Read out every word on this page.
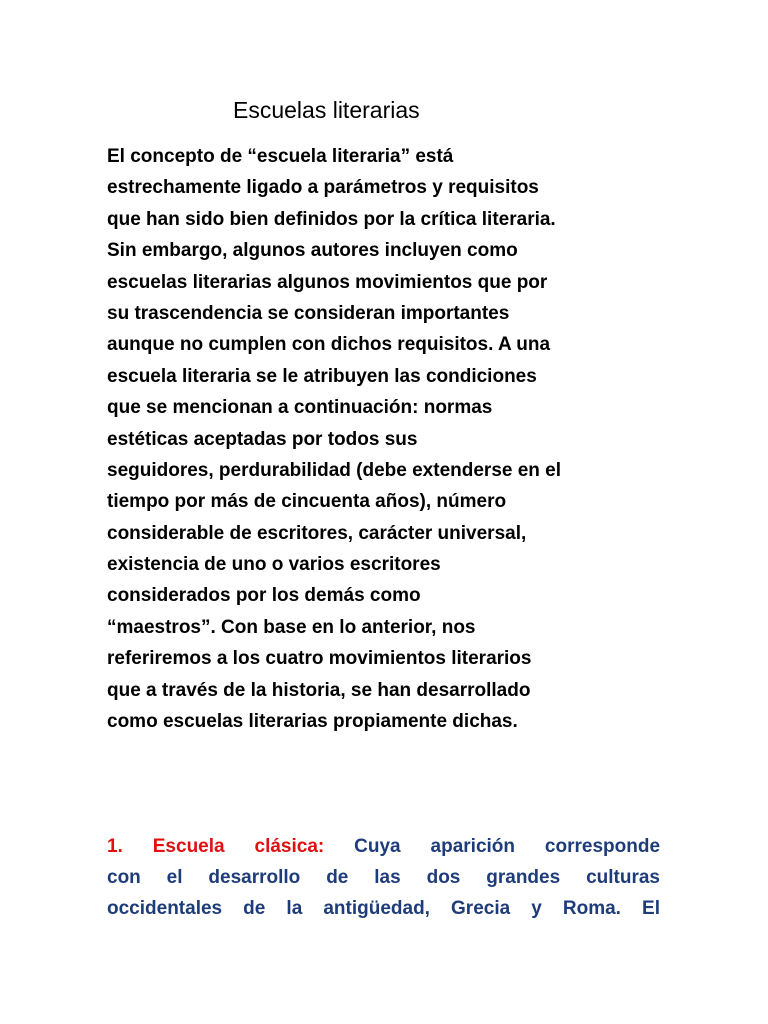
Escuelas literarias
El concepto de “escuela literaria” está
estrechamente ligado a parámetros y requisitos
que han sido bien definidos por la crítica literaria.
Sin embargo, algunos autores incluyen como
escuelas literarias algunos movimientos que por
su trascendencia se consideran importantes
aunque no cumplen con dichos requisitos. A una
escuela literaria se le atribuyen las condiciones
que se mencionan a continuación: normas
estéticas aceptadas por todos sus
seguidores, perdurabilidad (debe extenderse en el
tiempo por más de cincuenta años), número
considerable de escritores, carácter universal,
existencia de uno o varios escritores
considerados por los demás como
“maestros”. Con base en lo anterior, nos
referiremos a los cuatro movimientos literarios
que a través de la historia, se han desarrollado
como escuelas literarias propiamente dichas.
1. Escuela clásica: Cuya aparición corresponde
con el desarrollo de las dos grandes culturas
occidentales de la antigüedad, Grecia y Roma. El
